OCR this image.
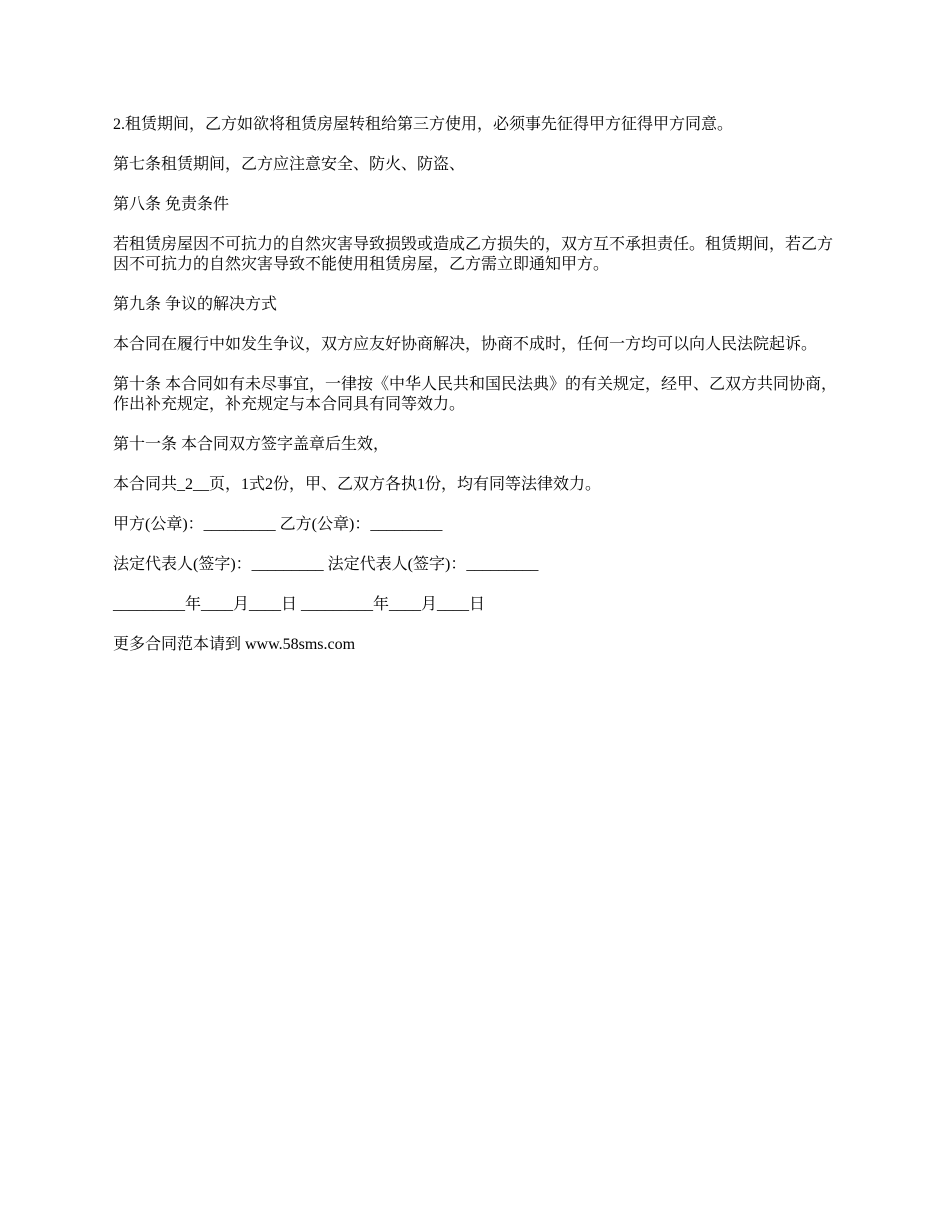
2.租赁期间，乙方如欲将租赁房屋转租给第三方使用，必须事先征得甲方征得甲方同意。

第七条租赁期间，乙方应注意安全、防火、防盗、

第八条 免责条件

若租赁房屋因不可抗力的自然灾害导致损毁或造成乙方损失的，双方互不承担责任。租赁期间，若乙方因不可抗力的自然灾害导致不能使用租赁房屋，乙方需立即通知甲方。

第九条 争议的解决方式

本合同在履行中如发生争议，双方应友好协商解决，协商不成时，任何一方均可以向人民法院起诉。

第十条 本合同如有未尽事宜，一律按《中华人民共和国民法典》的有关规定，经甲、乙双方共同协商，作出补充规定，补充规定与本合同具有同等效力。

第十一条 本合同双方签字盖章后生效，

本合同共_2__页，1式2份，甲、乙双方各执1份，均有同等法律效力。

甲方(公章)：_________ 乙方(公章)：_________

法定代表人(签字)：_________ 法定代表人(签字)：_________

_________年____月____日 _________年____月____日

更多合同范本请到 www.58sms.com
